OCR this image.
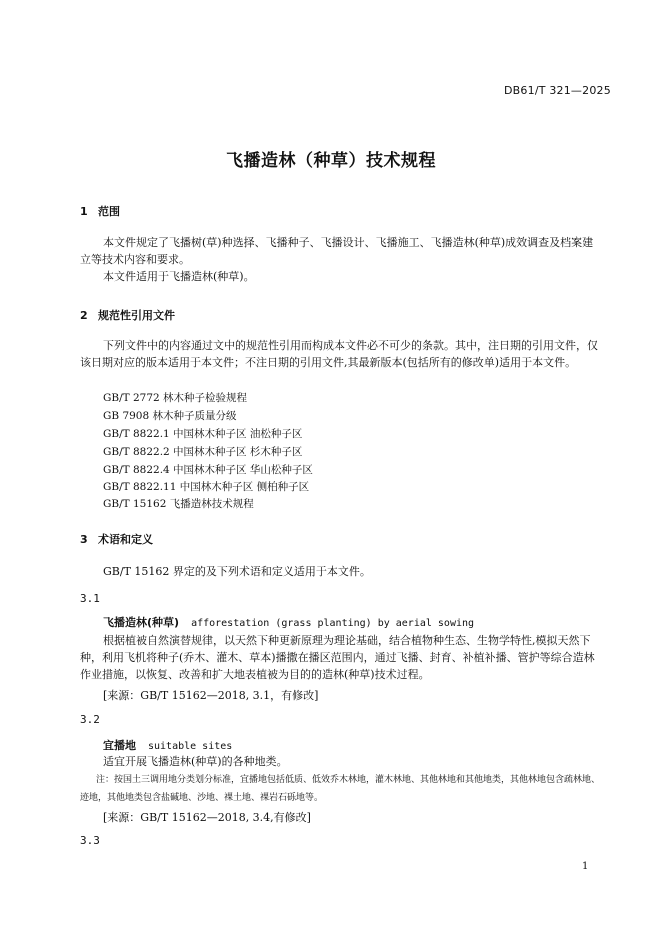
DB61/T 321—2025
飞播造林（种草）技术规程
1 范围
本文件规定了飞播树(草)种选择、飞播种子、飞播设计、飞播施工、飞播造林(种草)成效调查及档案建立等技术内容和要求。
本文件适用于飞播造林(种草)。
2 规范性引用文件
下列文件中的内容通过文中的规范性引用而构成本文件必不可少的条款。其中，注日期的引用文件，仅该日期对应的版本适用于本文件；不注日期的引用文件,其最新版本(包括所有的修改单)适用于本文件。
GB/T 2772 林木种子检验规程
GB 7908 林木种子质量分级
GB/T 8822.1 中国林木种子区 油松种子区
GB/T 8822.2 中国林木种子区 杉木种子区
GB/T 8822.4 中国林木种子区 华山松种子区
GB/T 8822.11 中国林木种子区 侧柏种子区
GB/T 15162 飞播造林技术规程
3 术语和定义
GB/T 15162 界定的及下列术语和定义适用于本文件。
3.1
飞播造林(种草) afforestation (grass planting) by aerial sowing
根据植被自然演替规律，以天然下种更新原理为理论基础，结合植物种生态、生物学特性,模拟天然下种，利用飞机将种子(乔木、灌木、草本)播撒在播区范围内，通过飞播、封育、补植补播、管护等综合造林作业措施，以恢复、改善和扩大地表植被为目的的造林(种草)技术过程。
[来源：GB/T 15162—2018, 3.1，有修改]
3.2
宜播地 suitable sites
适宜开展飞播造林(种草)的各种地类。
注：按国土三调用地分类划分标准，宜播地包括低质、低效乔木林地，灌木林地、其他林地和其他地类，其他林地包含疏林地、迹地，其他地类包含盐碱地、沙地、裸土地、裸岩石砾地等。
[来源：GB/T 15162—2018, 3.4,有修改]
3.3
1
